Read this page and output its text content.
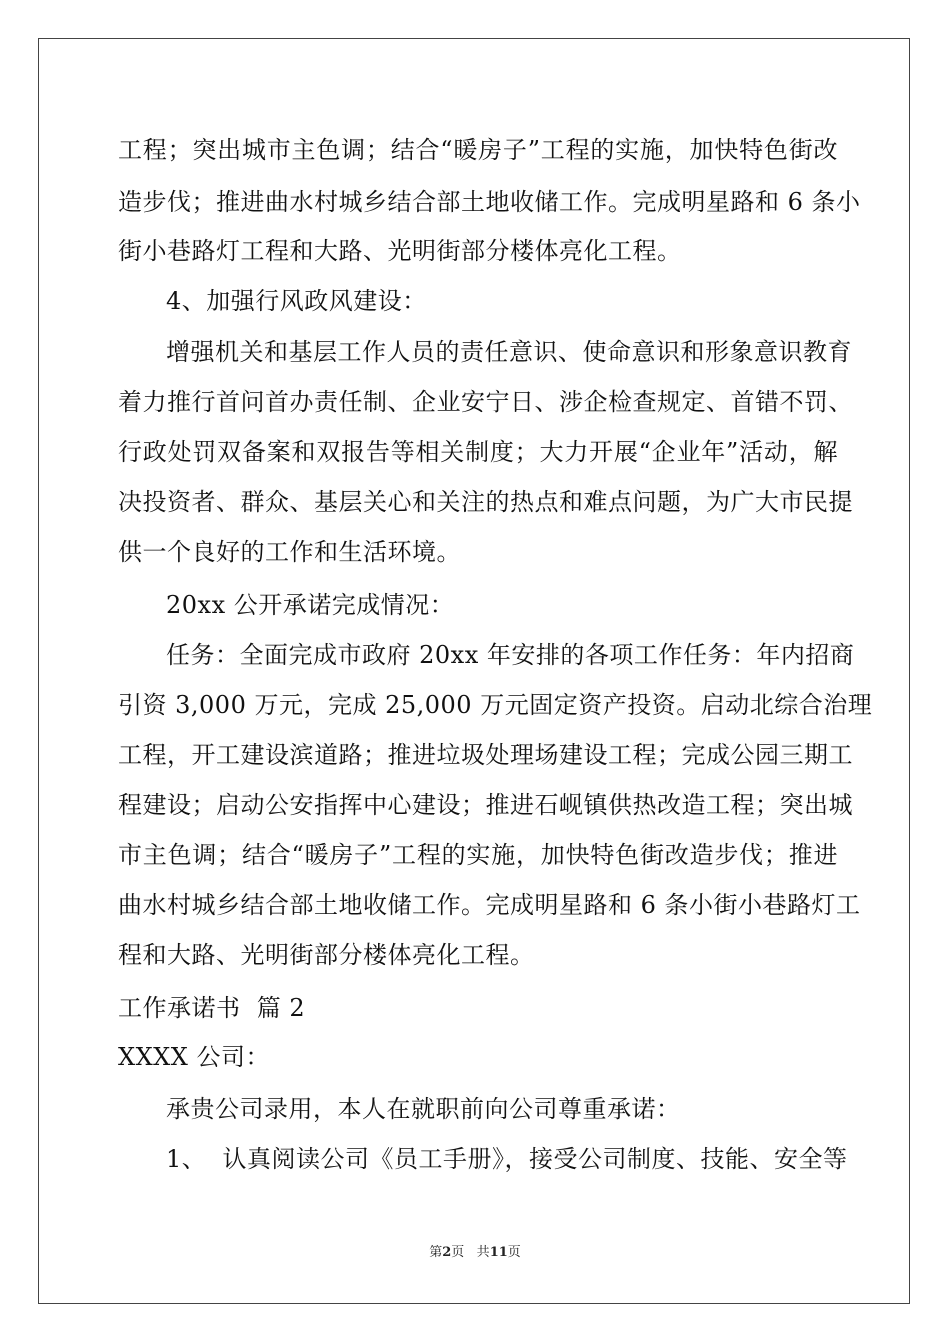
工程；突出城市主色调；结合“暖房子”工程的实施，加快特色街改
造步伐；推进曲水村城乡结合部土地收储工作。完成明星路和 6 条小
街小巷路灯工程和大路、光明街部分楼体亮化工程。
4、加强行风政风建设：
增强机关和基层工作人员的责任意识、使命意识和形象意识教育
着力推行首问首办责任制、企业安宁日、涉企检查规定、首错不罚、
行政处罚双备案和双报告等相关制度；大力开展“企业年”活动，解
决投资者、群众、基层关心和关注的热点和难点问题，为广大市民提
供一个良好的工作和生活环境。
20xx 公开承诺完成情况：
任务：全面完成市政府 20xx 年安排的各项工作任务：年内招商
引资 3,000 万元，完成 25,000 万元固定资产投资。启动北综合治理
工程，开工建设滨道路；推进垃圾处理场建设工程；完成公园三期工
程建设；启动公安指挥中心建设；推进石岘镇供热改造工程；突出城
市主色调；结合“暖房子”工程的实施，加快特色街改造步伐；推进
曲水村城乡结合部土地收储工作。完成明星路和 6 条小街小巷路灯工
程和大路、光明街部分楼体亮化工程。
工作承诺书  篇 2
XXXX 公司：
承贵公司录用，本人在就职前向公司尊重承诺：
1、  认真阅读公司《员工手册》，接受公司制度、技能、安全等
第2页 共11页
